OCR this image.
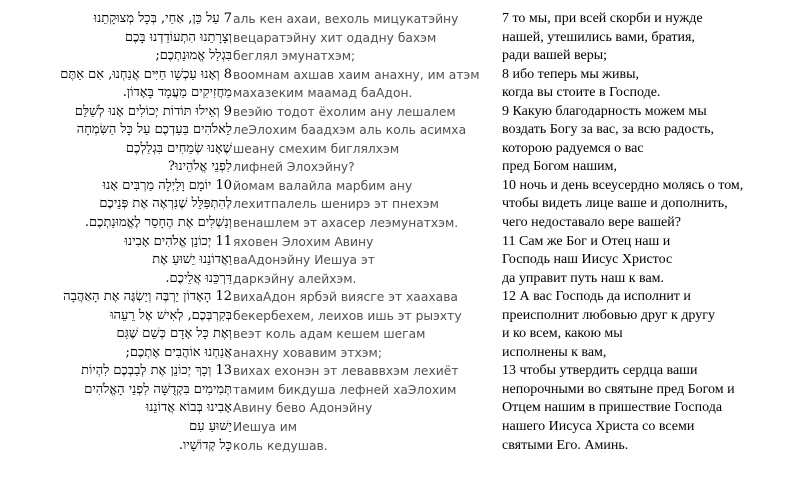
7 עַל כֵּן, אַחַי, בְּכָל מְצוּקָתֵנוּ
וְצָרָתֵנוּ הִתְעוֹדַדְנוּ בָּכֶם
בִּגְלַל אֱמוּנַתְכֶם;
8 וְאָנוּ עַכְשָׁו חַיִּים אֲנַחְנוּ, אִם אַתֶּם
מַחֲזִיקִים מַעֲמָד בָּאָדוֹן.
9 וְאֵילוּ תּוֹדוֹת יְכוֹלִים אָנוּ לְשַׁלֵּם
לֵאלֹהִים בַּעַדְכֶם עַל כָּל הַשִּׂמְחָה
שֶׁאָנוּ שְׂמֵחִים בִּגְלַלְכֶם
לִפְנֵי אֱלֹהֵינוּ?
10 יוֹמָם וָלַיְלָה מַרְבִּים אָנוּ
לְהִתְפַּלֵּל שֶׁנִּרְאֶה אֶת פְּנֵיכֶם
וְנַשְׁלִים אֶת הֶחָסֵר לֶאֱמוּנַתְכֶם.
11 יְכוֹנֵן אֱלֹהִים אָבִינוּ
וַאֲדוֹנֵנוּ יֵשׁוּעַ אֶת
דַּרְכֵּנוּ אֲלֵיכֶם.
12 הָאָדוֹן יַרְבֶּה וְיַשְׂגֶּה אֶת הָאַהֲבָה
בְּקִרְבְּכֶם, לְאִישׁ אֶל רֵעֵהוּ
וְאֶת כָּל אָדָם כְּשֵׁם שֶׁגַּם
אֲנַחְנוּ אוֹהֲבִים אֶתְכֶם;
13 וְכָךְ יְכוֹנֵן אֶת לְבַבְכֶם לִהְיוֹת
תְּמִימִים בִּקְדֻשָּׁה לִפְנֵי הָאֱלֹהִים
אָבִינוּ בְּבוֹא אֲדוֹנֵנוּ
יֵשׁוּעַ עִם
כָּל קְדוֹשָׁיו.
аль кен ахаи, вехоль мицукатэйну
вецаратэйну хит одадну бахэм
беглял эмунатхэм;
воомнам ахшав хаим анахну, им атэм
махазеким маамад баАдон.
веэйю тодот ёхолим ану лешалем
леЭлохим баадхэм аль коль асимха
шеану смехим биглялхэм
лифней Элохэйну?
йомам валайла марбим ану
лехитпалель шенирэ эт пнехэм
венашлем эт ахасер леэмунатхэм.
яховен Элохим Авину
ваАдонэйну Иешуа эт
даркэйну алейхэм.
вихаАдон ярбэй виясге эт хаахава
бекербехем, леихов ишь эт рыэхту
веэт коль адам кешем шегам
анахну ховавим этхэм;
вихах ехонэн эт леваввхэм лехиёт
тамим бикдуша лефней хаЭлохим
Авину бево Адонэйну
Иешуа им
коль кедушав.
7 то мы, при всей скорби и нужде
нашей, утешились вами, братия,
ради вашей веры;
8 ибо теперь мы живы,
когда вы стоите в Господе.
9 Какую благодарность можем мы
воздать Богу за вас, за всю радость,
которою радуемся о вас
пред Богом нашим,
10 ночь и день всеусердно молясь о том,
чтобы видеть лице ваше и дополнить,
чего недоставало вере вашей?
11 Сам же Бог и Отец наш и
Господь наш Иисус Христос
да управит путь наш к вам.
12 А вас Господь да исполнит и
преисполнит любовью друг к другу
и ко всем, какою мы
исполнены к вам,
13 чтобы утвердить сердца ваши
непорочными во святыне пред Богом и
Отцем нашим в пришествие Господа
нашего Иисуса Христа со всеми
святыми Его. Аминь.
